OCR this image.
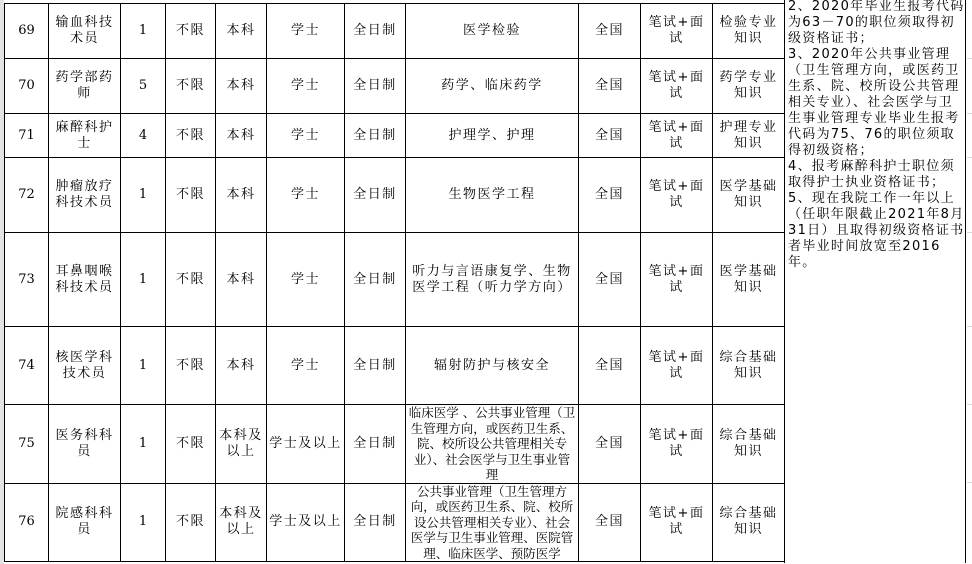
69	输血科技术员	1	不限	本科	学士	全日制	医学检验	全国	笔试+面试	检验专业知识
70	药学部药师	5	不限	本科	学士	全日制	药学、临床药学	全国	笔试+面试	药学专业知识
71	麻醉科护士	4	不限	本科	学士	全日制	护理学、护理	全国	笔试+面试	护理专业知识
72	肿瘤放疗科技术员	1	不限	本科	学士	全日制	生物医学工程	全国	笔试+面试	医学基础知识
73	耳鼻咽喉科技术员	1	不限	本科	学士	全日制	听力与言语康复学、生物医学工程（听力学方向）	全国	笔试+面试	医学基础知识
74	核医学科技术员	1	不限	本科	学士	全日制	辐射防护与核安全	全国	笔试+面试	综合基础知识
75	医务科科员	1	不限	本科及以上	学士及以上	全日制	临床医学 、公共事业管理（卫生管理方向，或医药卫生系、院、校所设公共管理相关专业）、社会医学与卫生事业管理	全国	笔试+面试	综合基础知识
76	院感科科员	1	不限	本科及以上	学士及以上	全日制	公共事业管理（卫生管理方向，或医药卫生系、院、校所设公共管理相关专业）、社会医学与卫生事业管理、医院管理、临床医学、预防医学	全国	笔试+面试	综合基础知识

2、2020年毕业生报考代码为63－70的职位须取得初级资格证书；

3、2020年公共事业管理（卫生管理方向，或医药卫生系、院、校所设公共管理相关专业）、社会医学与卫生事业管理专业毕业生报考代码为75、76的职位须取得初级资格；

4、报考麻醉科护士职位须取得护士执业资格证书；

5、现在我院工作一年以上（任职年限截止2021年8月31日）且取得初级资格证书者毕业时间放宽至2016年。
